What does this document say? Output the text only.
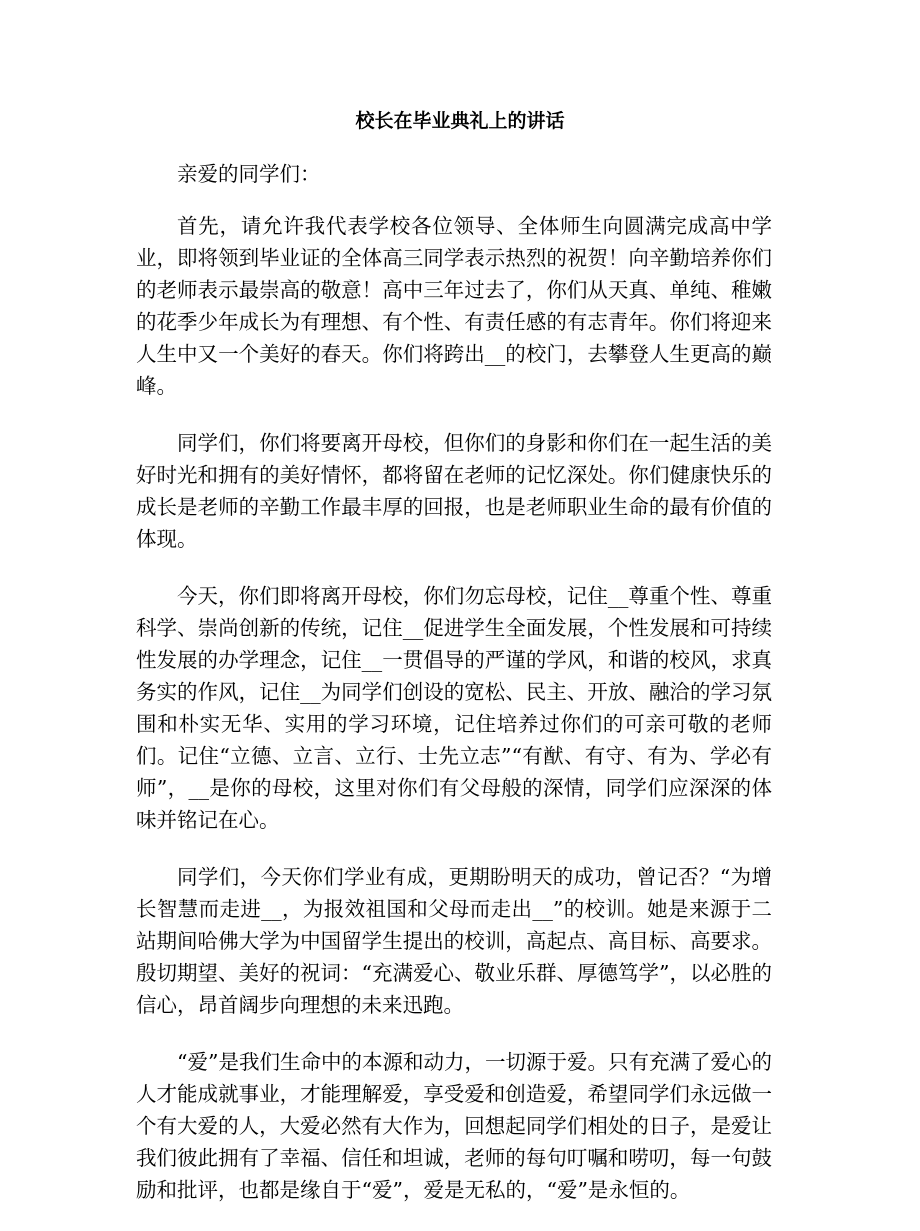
校长在毕业典礼上的讲话

亲爱的同学们：

首先，请允许我代表学校各位领导、全体师生向圆满完成高中学业，即将领到毕业证的全体高三同学表示热烈的祝贺！向辛勤培养你们的老师表示最崇高的敬意！高中三年过去了，你们从天真、单纯、稚嫩的花季少年成长为有理想、有个性、有责任感的有志青年。你们将迎来人生中又一个美好的春天。你们将跨出__的校门，去攀登人生更高的巅峰。

同学们，你们将要离开母校，但你们的身影和你们在一起生活的美好时光和拥有的美好情怀，都将留在老师的记忆深处。你们健康快乐的成长是老师的辛勤工作最丰厚的回报，也是老师职业生命的最有价值的体现。

今天，你们即将离开母校，你们勿忘母校，记住__尊重个性、尊重科学、崇尚创新的传统，记住__促进学生全面发展，个性发展和可持续性发展的办学理念，记住__一贯倡导的严谨的学风，和谐的校风，求真务实的作风，记住__为同学们创设的宽松、民主、开放、融洽的学习氛围和朴实无华、实用的学习环境，记住培养过你们的可亲可敬的老师们。记住“立德、立言、立行、士先立志”“有猷、有守、有为、学必有师”，__是你的母校，这里对你们有父母般的深情，同学们应深深的体味并铭记在心。

同学们，今天你们学业有成，更期盼明天的成功，曾记否？“为增长智慧而走进__，为报效祖国和父母而走出__”的校训。她是来源于二站期间哈佛大学为中国留学生提出的校训，高起点、高目标、高要求。殷切期望、美好的祝词：“充满爱心、敬业乐群、厚德笃学”，以必胜的信心，昂首阔步向理想的未来迅跑。

“爱”是我们生命中的本源和动力，一切源于爱。只有充满了爱心的人才能成就事业，才能理解爱，享受爱和创造爱，希望同学们永远做一个有大爱的人，大爱必然有大作为，回想起同学们相处的日子，是爱让我们彼此拥有了幸福、信任和坦诚，老师的每句叮嘱和唠叨，每一句鼓励和批评，也都是缘自于“爱”，爱是无私的，“爱”是永恒的。
